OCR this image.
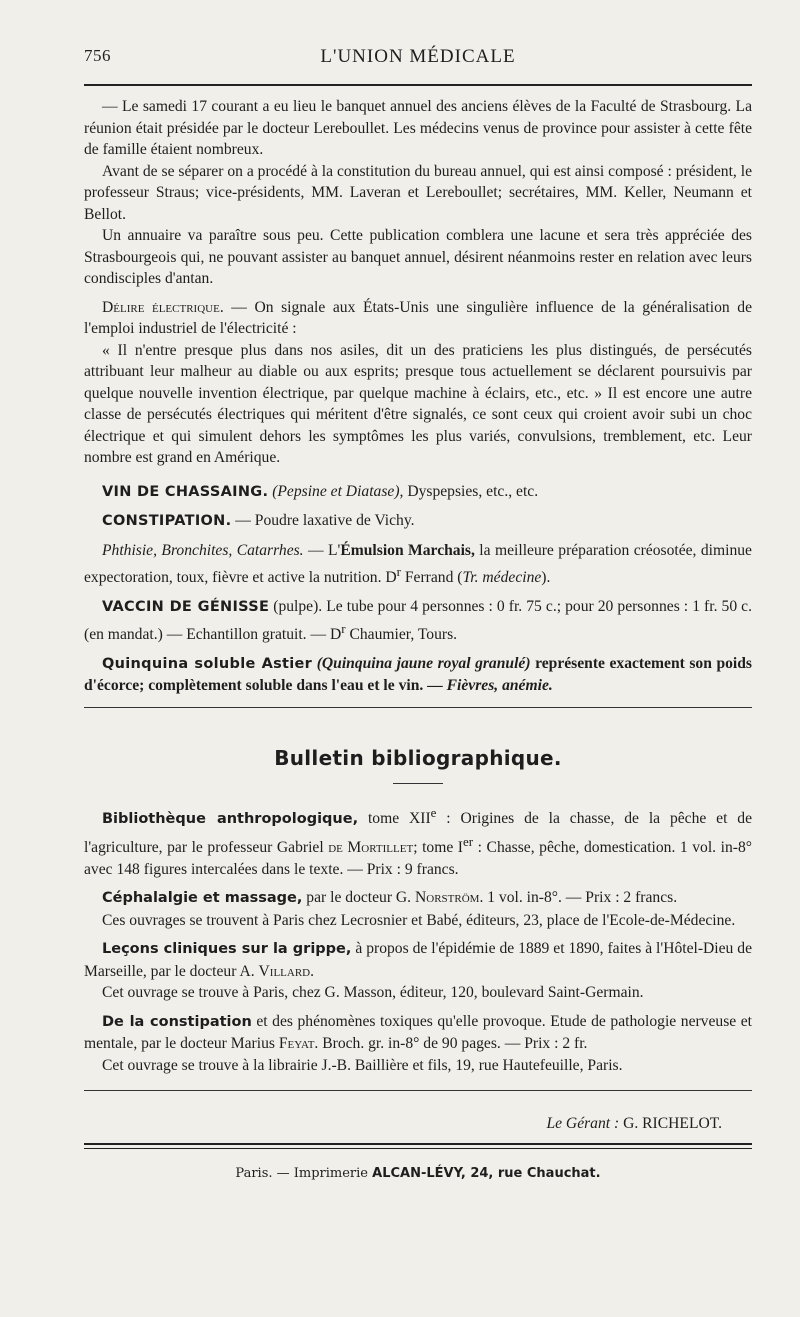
756	L'UNION MÉDICALE

— Le samedi 17 courant a eu lieu le banquet annuel des anciens élèves de la Faculté de Strasbourg. La réunion était présidée par le docteur Lereboullet. Les médecins venus de province pour assister à cette fête de famille étaient nombreux.

Avant de se séparer on a procédé à la constitution du bureau annuel, qui est ainsi composé : président, le professeur Straus; vice-présidents, MM. Laveran et Lereboullet; secrétaires, MM. Keller, Neumann et Bellot.

Un annuaire va paraître sous peu. Cette publication comblera une lacune et sera très appréciée des Strasbourgeois qui, ne pouvant assister au banquet annuel, désirent néanmoins rester en relation avec leurs condisciples d'antan.

Délire électrique. — On signale aux États-Unis une singulière influence de la généralisation de l'emploi industriel de l'électricité :

« Il n'entre presque plus dans nos asiles, dit un des praticiens les plus distingués, de persécutés attribuant leur malheur au diable ou aux esprits; presque tous actuellement se déclarent poursuivis par quelque nouvelle invention électrique, par quelque machine à éclairs, etc., etc. » Il est encore une autre classe de persécutés électriques qui méritent d'être signalés, ce sont ceux qui croient avoir subi un choc électrique et qui simulent dehors les symptômes les plus variés, convulsions, tremblement, etc. Leur nombre est grand en Amérique.

VIN DE CHASSAING. (Pepsine et Diatase), Dyspepsies, etc., etc.

CONSTIPATION. — Poudre laxative de Vichy.

Phthisie, Bronchites, Catarrhes. — L'Émulsion Marchais, la meilleure préparation créosotée, diminue expectoration, toux, fièvre et active la nutrition. $D^r$ Ferrand (Tr. médecine).

VACCIN DE GÉNISSE (pulpe). Le tube pour 4 personnes : 0 fr. 75 c.; pour 20 personnes : 1 fr. 50 c. (en mandat.) — Echantillon gratuit. — $D^r$ Chaumier, Tours.

Quinquina soluble Astier (Quinquina jaune royal granulé) représente exactement son poids d'écorce; complètement soluble dans l'eau et le vin. — Fièvres, anémie.

Bulletin bibliographique.

Bibliothèque anthropologique, tome XIIe : Origines de la chasse, de la pêche et de l'agriculture, par le professeur Gabriel de Mortillet; tome Ier : Chasse, pêche, domestication. 1 vol. in-8° avec 148 figures intercalées dans le texte. — Prix : 9 francs.

Céphalalgie et massage, par le docteur G. Norström. 1 vol. in-8°. — Prix : 2 francs.

Ces ouvrages se trouvent à Paris chez Lecrosnier et Babé, éditeurs, 23, place de l'Ecole-de-Médecine.

Leçons cliniques sur la grippe, à propos de l'épidémie de 1889 et 1890, faites à l'Hôtel-Dieu de Marseille, par le docteur A. Villard.

Cet ouvrage se trouve à Paris, chez G. Masson, éditeur, 120, boulevard Saint-Germain.

De la constipation et des phénomènes toxiques qu'elle provoque. Etude de pathologie nerveuse et mentale, par le docteur Marius Feyat. Broch. gr. in-8° de 90 pages. — Prix : 2 fr.

Cet ouvrage se trouve à la librairie J.-B. Baillière et fils, 19, rue Hautefeuille, Paris.

Le Gérant : G. RICHELOT.

Paris. — Imprimerie ALCAN-LÉVY, 24, rue Chauchat.
